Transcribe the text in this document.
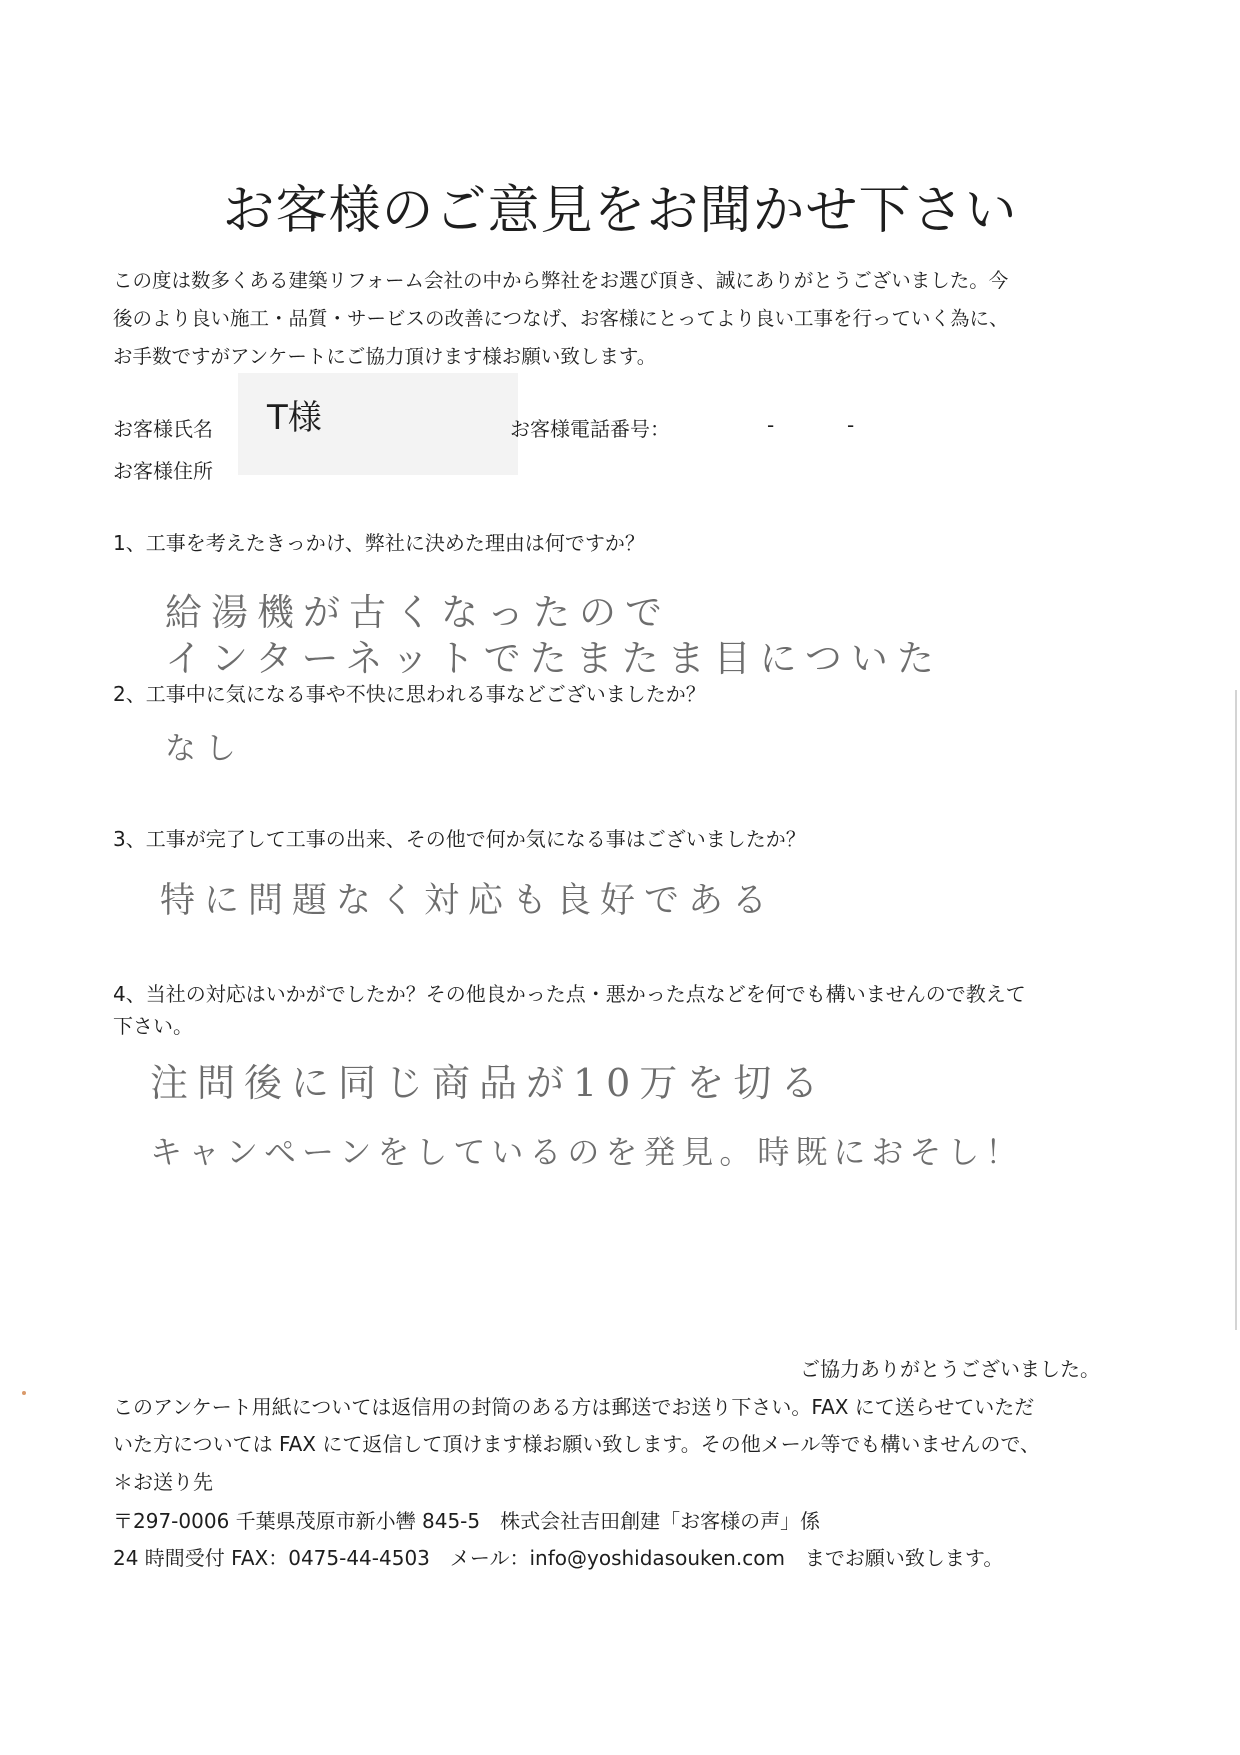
お客様のご意見をお聞かせ下さい
この度は数多くある建築リフォーム会社の中から弊社をお選び頂き、誠にありがとうございました。今
後のより良い施工・品質・サービスの改善につなげ、お客様にとってより良い工事を行っていく為に、
お手数ですがアンケートにご協力頂けます様お願い致します。
お客様氏名 T様
お客様住所
お客様電話番号：	-	-
1、工事を考えたきっかけ、弊社に決めた理由は何ですか？
給湯機が古くなったので
インターネットでたまたま目についた
2、工事中に気になる事や不快に思われる事などございましたか？
なし
3、工事が完了して工事の出来、その他で何か気になる事はございましたか？
特に問題なく対応も良好である
4、当社の対応はいかがでしたか？その他良かった点・悪かった点などを何でも構いませんので教えて
下さい。
注問後に同じ商品が10万を切る
キャンペーンをしているのを発見。時既におそし！
ご協力ありがとうございました。
このアンケート用紙については返信用の封筒のある方は郵送でお送り下さい。FAX にて送らせていただ
いた方については FAX にて返信して頂けます様お願い致します。その他メール等でも構いませんので、
＊お送り先
〒297-0006 千葉県茂原市新小轡 845-5　株式会社吉田創建「お客様の声」係
24 時間受付 FAX：0475-44-4503　メール：info@yoshidasouken.com　までお願い致します。
